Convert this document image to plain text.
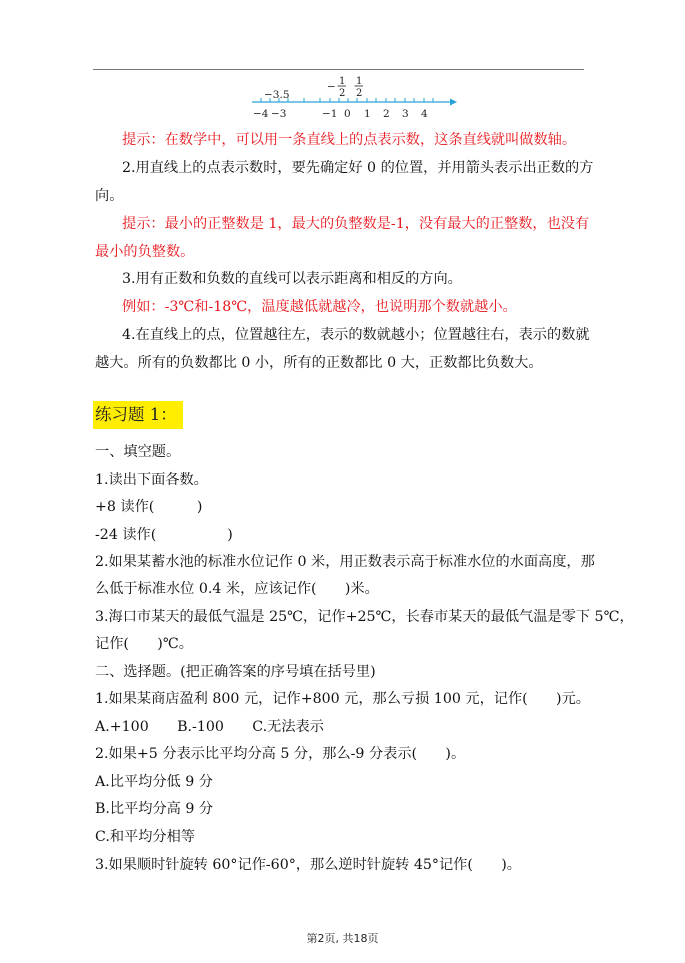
−3.5
− 1
2
1
2
−4 −3	−1 0 1 2 3 4
提示：在数学中，可以用一条直线上的点表示数，这条直线就叫做数轴。
2.用直线上的点表示数时，要先确定好 0 的位置，并用箭头表示出正数的方
向。
提示：最小的正整数是 1，最大的负整数是-1，没有最大的正整数，也没有
最小的负整数。
3.用有正数和负数的直线可以表示距离和相反的方向。
例如：-3℃和-18℃，温度越低就越冷，也说明那个数就越小。
4.在直线上的点，位置越往左，表示的数就越小；位置越往右，表示的数就
越大。所有的负数都比 0 小，所有的正数都比 0 大，正数都比负数大。
练习题 1：
一、填空题。
1.读出下面各数。
+8 读作(　　　)
-24 读作(　　　　　)
2.如果某蓄水池的标准水位记作 0 米，用正数表示高于标准水位的水面高度，那
么低于标准水位 0.4 米，应该记作(　　)米。
3.海口市某天的最低气温是 25℃，记作+25℃，长春市某天的最低气温是零下 5℃，
记作(　　)℃。
二、选择题。(把正确答案的序号填在括号里)
1.如果某商店盈利 800 元，记作+800 元，那么亏损 100 元，记作(　　)元。
A.+100　　B.-100　　C.无法表示
2.如果+5 分表示比平均分高 5 分，那么-9 分表示(　　)。
A.比平均分低 9 分
B.比平均分高 9 分
C.和平均分相等
3.如果顺时针旋转 60°记作-60°，那么逆时针旋转 45°记作(　　)。
第2页, 共18页
